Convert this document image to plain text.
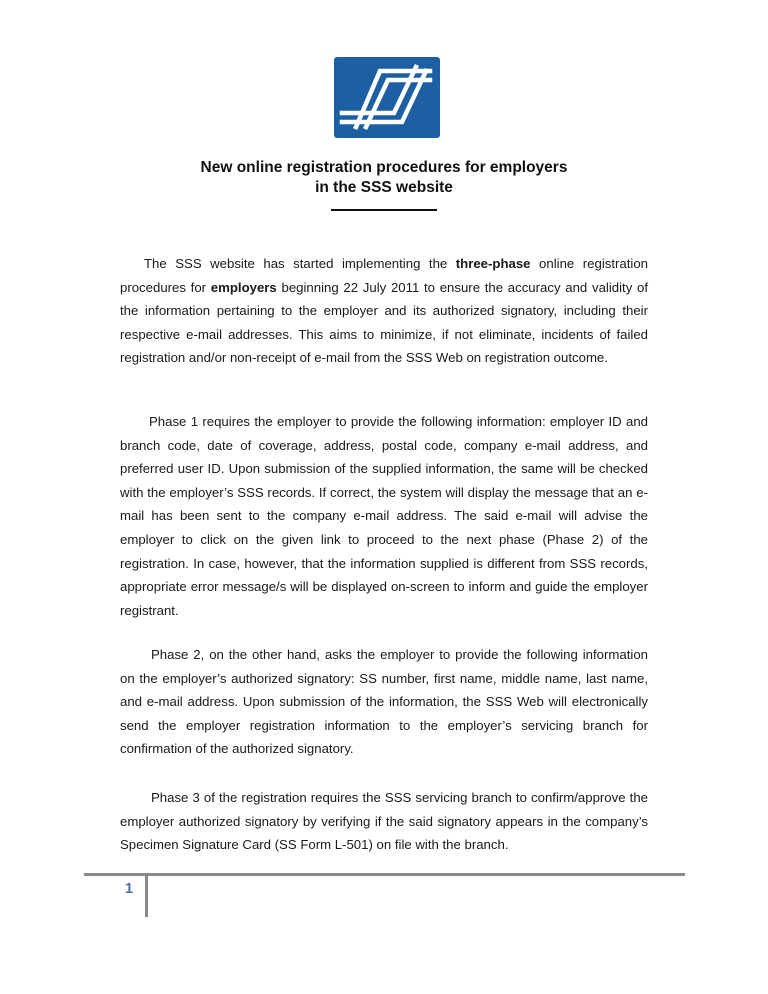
New online registration procedures for employers
in the SSS website

The SSS website has started implementing the three-phase online registration procedures for employers beginning 22 July 2011 to ensure the accuracy and validity of the information pertaining to the employer and its authorized signatory, including their respective e-mail addresses. This aims to minimize, if not eliminate, incidents of failed registration and/or non-receipt of e-mail from the SSS Web on registration outcome.

Phase 1 requires the employer to provide the following information: employer ID and branch code, date of coverage, address, postal code, company e-mail address, and preferred user ID. Upon submission of the supplied information, the same will be checked with the employer’s SSS records. If correct, the system will display the message that an e-mail has been sent to the company e-mail address. The said e-mail will advise the employer to click on the given link to proceed to the next phase (Phase 2) of the registration. In case, however, that the information supplied is different from SSS records, appropriate error message/s will be displayed on-screen to inform and guide the employer registrant.

Phase 2, on the other hand, asks the employer to provide the following information on the employer’s authorized signatory: SS number, first name, middle name, last name, and e-mail address. Upon submission of the information, the SSS Web will electronically send the employer registration information to the employer’s servicing branch for confirmation of the authorized signatory.

Phase 3 of the registration requires the SSS servicing branch to confirm/approve the employer authorized signatory by verifying if the said signatory appears in the company’s Specimen Signature Card (SS Form L-501) on file with the branch.

1
